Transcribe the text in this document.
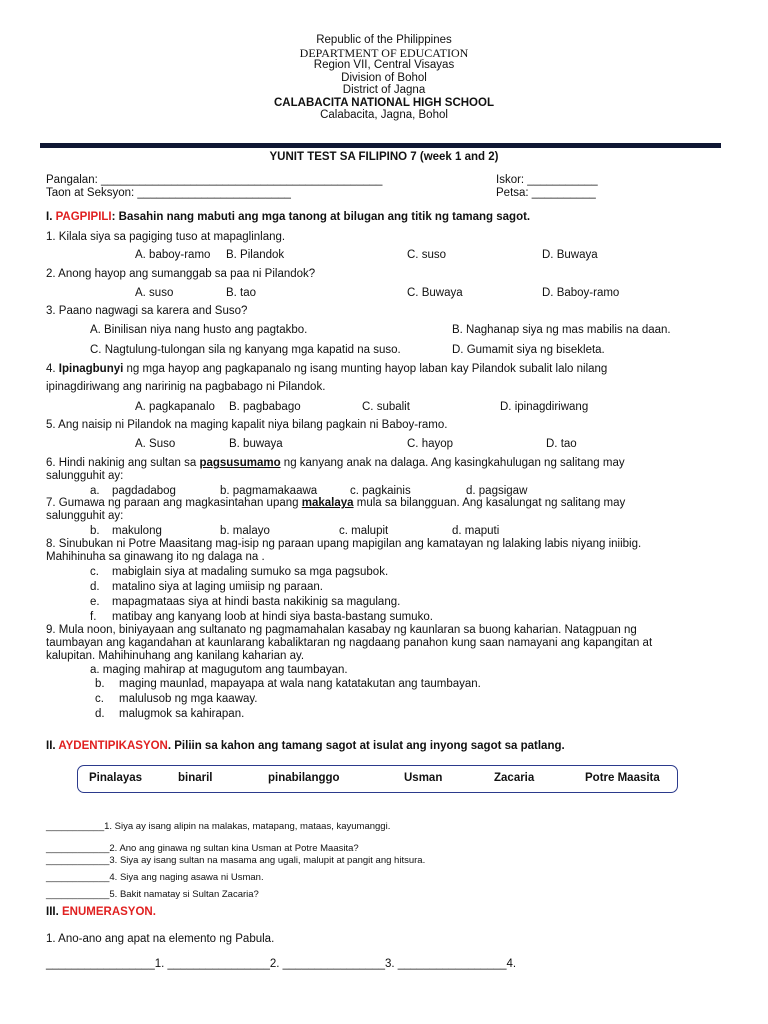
Republic of the Philippines
DEPARTMENT OF EDUCATION
Region VII, Central Visayas
Division of Bohol
District of Jagna
CALABACITA NATIONAL HIGH SCHOOL
Calabacita, Jagna, Bohol
YUNIT TEST SA FILIPINO 7 (week 1 and 2)
Pangalan: ____________________________________________
Taon at Seksyon: ________________________
Iskor: ___________
Petsa: __________
I. PAGPIPILI: Basahin nang mabuti ang mga tanong at bilugan ang titik ng tamang sagot.
1. Kilala siya sa pagiging tuso at mapaglinlang.
A. baboy-ramo B. Pilandok	C. suso	D. Buwaya
2. Anong hayop ang sumanggab sa paa ni Pilandok?
A. suso	B. tao	C. Buwaya	D. Baboy-ramo
3. Paano nagwagi sa karera and Suso?
A. Binilisan niya nang husto ang pagtakbo.	B. Naghanap siya ng mas mabilis na daan.
C. Nagtulung-tulongan sila ng kanyang mga kapatid na suso.	D. Gumamit siya ng bisekleta.
4. Ipinagbunyi ng mga hayop ang pagkapanalo ng isang munting hayop laban kay Pilandok subalit lalo nilang
ipinagdiriwang ang naririnig na pagbabago ni Pilandok.
A. pagkapanalo B. pagbabago	C. subalit	D. ipinagdiriwang
5. Ang naisip ni Pilandok na maging kapalit niya bilang pagkain ni Baboy-ramo.
A. Suso	B. buwaya	C. hayop	D. tao
6. Hindi nakinig ang sultan sa pagsusumamo ng kanyang anak na dalaga. Ang kasingkahulugan ng salitang may
salungguhit ay:
a. pagdadabog	b. pagmamakaawa	c. pagkainis	d. pagsigaw
7. Gumawa ng paraan ang magkasintahan upang makalaya mula sa bilangguan. Ang kasalungat ng salitang may
salungguhit ay:
b. makulong	b. malayo	c. malupit	d. maputi
8. Sinubukan ni Potre Maasitang mag-isip ng paraan upang mapigilan ang kamatayan ng lalaking labis niyang iniibig.
Mahihinuha sa ginawang ito ng dalaga na .
c. mabiglain siya at madaling sumuko sa mga pagsubok.
d. matalino siya at laging umiisip ng paraan.
e. mapagmataas siya at hindi basta nakikinig sa magulang.
f. matibay ang kanyang loob at hindi siya basta-bastang sumuko.
9. Mula noon, biniyayaan ang sultanato ng pagmamahalan kasabay ng kaunlaran sa buong kaharian. Natagpuan ng
taumbayan ang kagandahan at kaunlarang kabaliktaran ng nagdaang panahon kung saan namayani ang kapangitan at
kalupitan. Mahihinuhang ang kanilang kaharian ay.
a. maging mahirap at magugutom ang taumbayan.
b. maging maunlad, mapayapa at wala nang katatakutan ang taumbayan.
c. malulusob ng mga kaaway.
d. malugmok sa kahirapan.
II. AYDENTIPIKASYON. Piliin sa kahon ang tamang sagot at isulat ang inyong sagot sa patlang.
Pinalayas	binaril	pinabilanggo	Usman	Zacaria	Potre Maasita
___________1. Siya ay isang alipin na malakas, matapang, mataas, kayumanggi.
____________2. Ano ang ginawa ng sultan kina Usman at Potre Maasita?
____________3. Siya ay isang sultan na masama ang ugali, malupit at pangit ang hitsura.
____________4. Siya ang naging asawa ni Usman.
____________5. Bakit namatay si Sultan Zacaria?
III. ENUMERASYON.
1. Ano-ano ang apat na elemento ng Pabula.
_________________1. ________________2. ________________3. _________________4.
